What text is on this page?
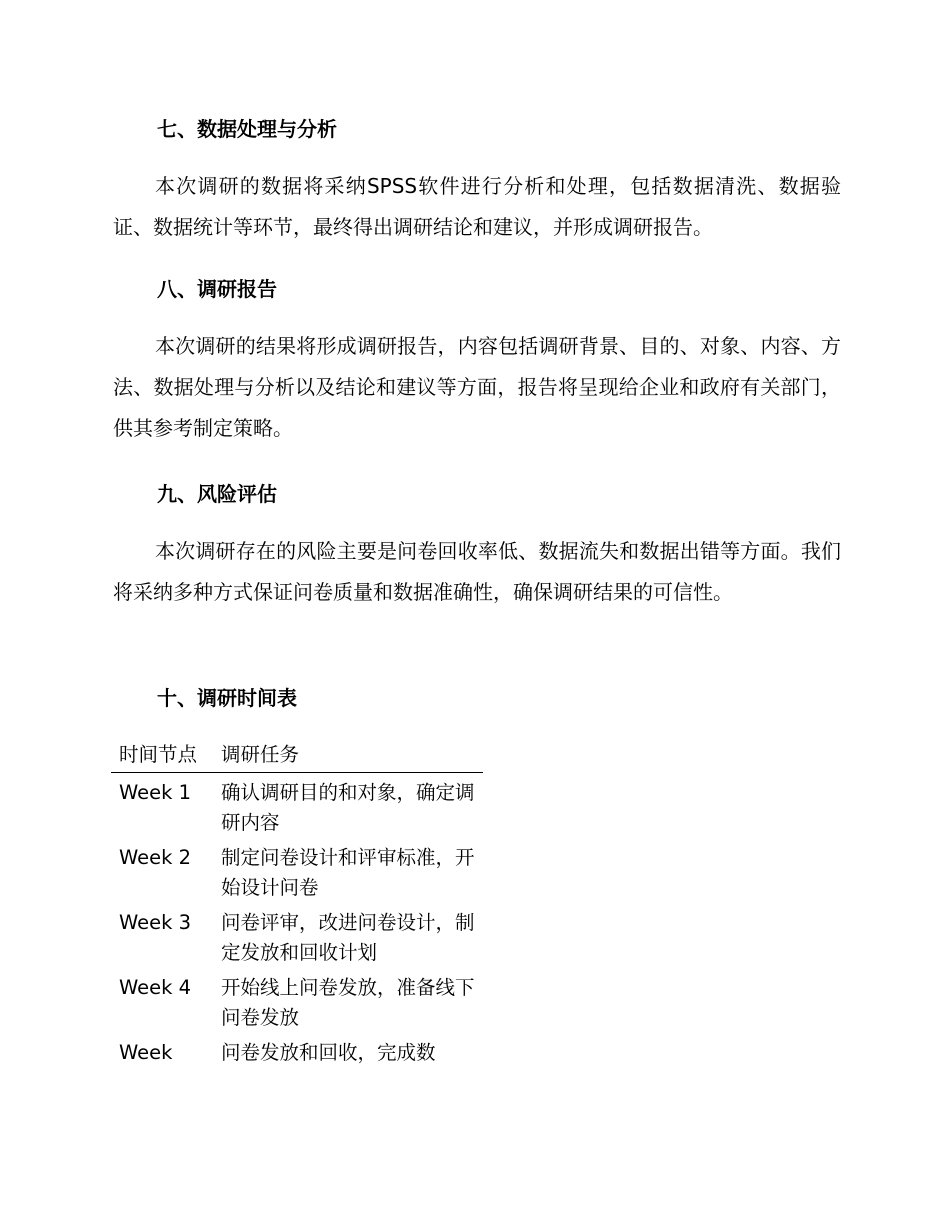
七、数据处理与分析

本次调研的数据将采纳SPSS软件进行分析和处理，包括数据清洗、数据验证、数据统计等环节，最终得出调研结论和建议，并形成调研报告。

八、调研报告

本次调研的结果将形成调研报告，内容包括调研背景、目的、对象、内容、方法、数据处理与分析以及结论和建议等方面，报告将呈现给企业和政府有关部门，供其参考制定策略。

九、风险评估

本次调研存在的风险主要是问卷回收率低、数据流失和数据出错等方面。我们将采纳多种方式保证问卷质量和数据准确性，确保调研结果的可信性。

十、调研时间表
时间节点	调研任务
Week 1	确认调研目的和对象，确定调研内容
Week 2	制定问卷设计和评审标准，开始设计问卷
Week 3	问卷评审，改进问卷设计，制定发放和回收计划
Week 4	开始线上问卷发放，准备线下问卷发放
Week	问卷发放和回收，完成数
